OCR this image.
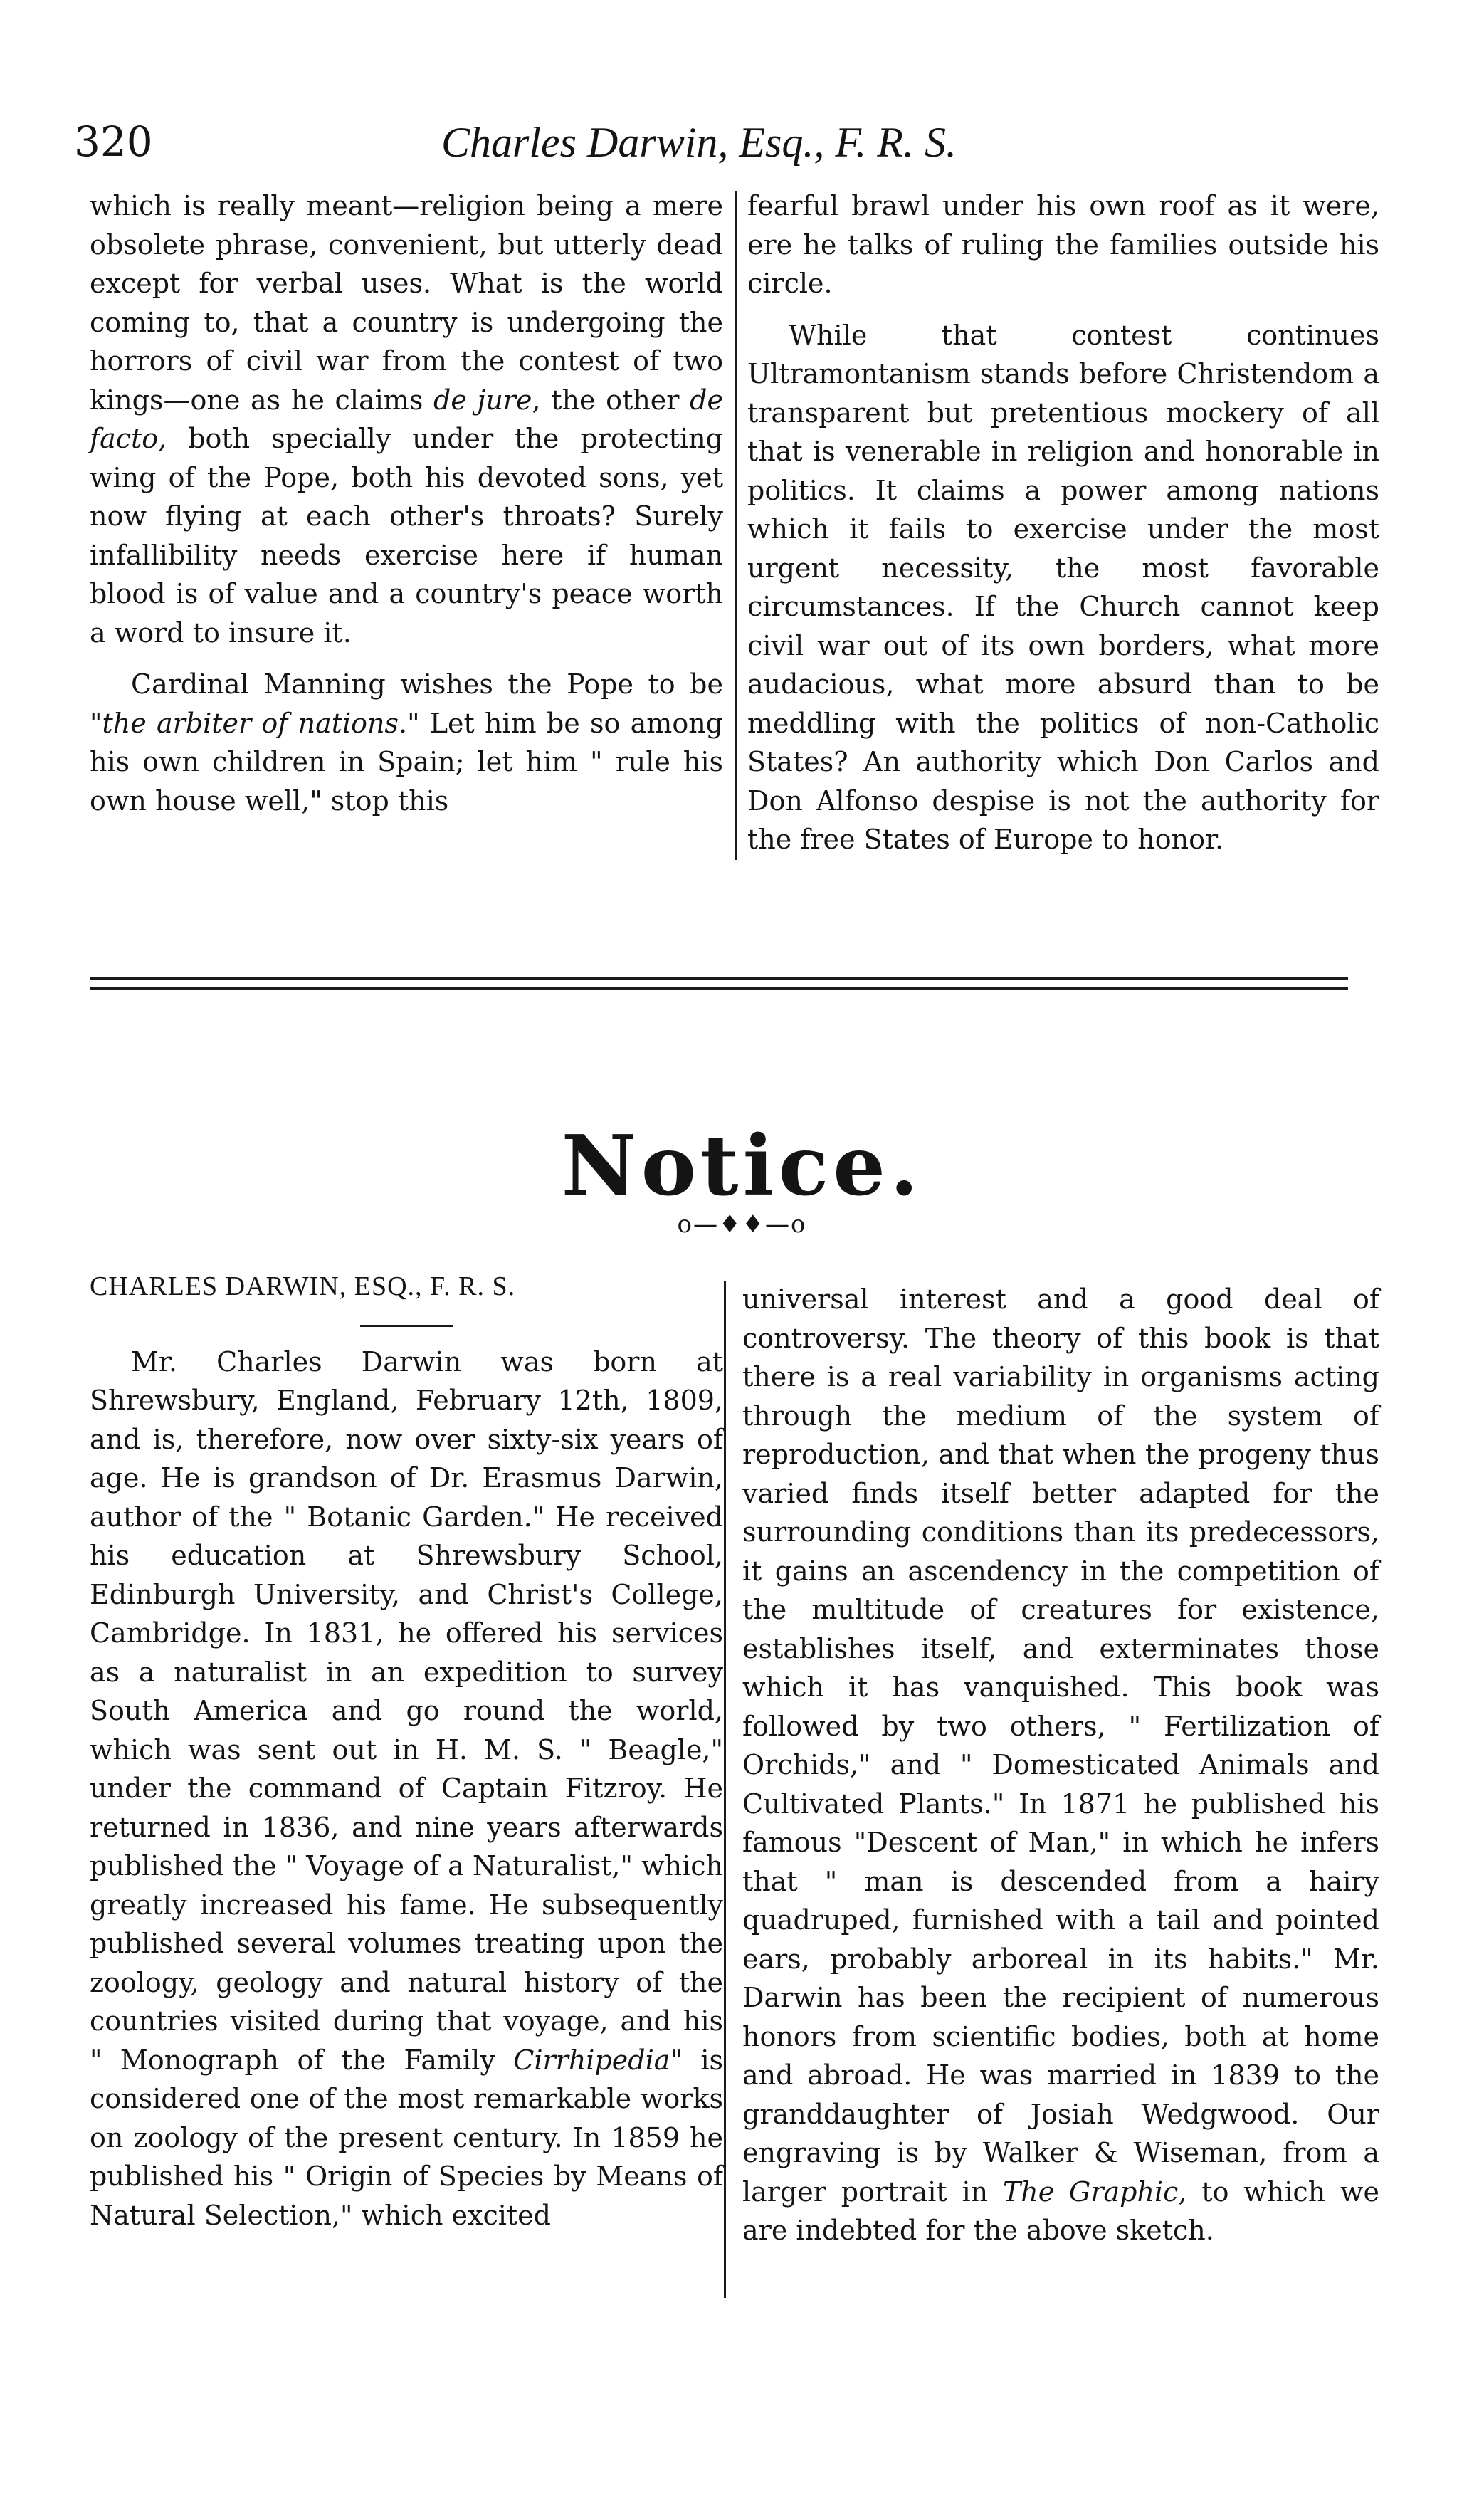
320	Charles Darwin, Esq., F. R. S.

which is really meant—religion being a mere obsolete phrase, convenient, but utterly dead except for verbal uses. What is the world coming to, that a country is undergoing the horrors of civil war from the contest of two kings—one as he claims de jure, the other de facto, both specially under the protecting wing of the Pope, both his devoted sons, yet now flying at each other's throats? Surely infallibility needs exercise here if human blood is of value and a country's peace worth a word to insure it.

Cardinal Manning wishes the Pope to be "the arbiter of nations." Let him be so among his own children in Spain; let him " rule his own house well," stop this

fearful brawl under his own roof as it were, ere he talks of ruling the families outside his circle.

While that contest continues Ultramontanism stands before Christendom a transparent but pretentious mockery of all that is venerable in religion and honorable in politics. It claims a power among nations which it fails to exercise under the most urgent necessity, the most favorable circumstances. If the Church cannot keep civil war out of its own borders, what more audacious, what more absurd than to be meddling with the politics of non-Catholic States? An authority which Don Carlos and Don Alfonso despise is not the authority for the free States of Europe to honor.

Notice.
o—♦♦—o
CHARLES DARWIN, ESQ., F. R. S.

Mr. Charles Darwin was born at Shrewsbury, England, February 12th, 1809, and is, therefore, now over sixty-six years of age. He is grandson of Dr. Erasmus Darwin, author of the " Botanic Garden." He received his education at Shrewsbury School, Edinburgh University, and Christ's College, Cambridge. In 1831, he offered his services as a naturalist in an expedition to survey South America and go round the world, which was sent out in H. M. S. " Beagle," under the command of Captain Fitzroy. He returned in 1836, and nine years afterwards published the " Voyage of a Naturalist," which greatly increased his fame. He subsequently published several volumes treating upon the zoology, geology and natural history of the countries visited during that voyage, and his " Monograph of the Family Cirrhipedia" is considered one of the most remarkable works on zoology of the present century. In 1859 he published his " Origin of Species by Means of Natural Selection," which excited

universal interest and a good deal of controversy. The theory of this book is that there is a real variability in organisms acting through the medium of the system of reproduction, and that when the progeny thus varied finds itself better adapted for the surrounding conditions than its predecessors, it gains an ascendency in the competition of the multitude of creatures for existence, establishes itself, and exterminates those which it has vanquished. This book was followed by two others, " Fertilization of Orchids," and " Domesticated Animals and Cultivated Plants." In 1871 he published his famous "Descent of Man," in which he infers that " man is descended from a hairy quadruped, furnished with a tail and pointed ears, probably arboreal in its habits." Mr. Darwin has been the recipient of numerous honors from scientific bodies, both at home and abroad. He was married in 1839 to the granddaughter of Josiah Wedgwood. Our engraving is by Walker & Wiseman, from a larger portrait in The Graphic, to which we are indebted for the above sketch.
